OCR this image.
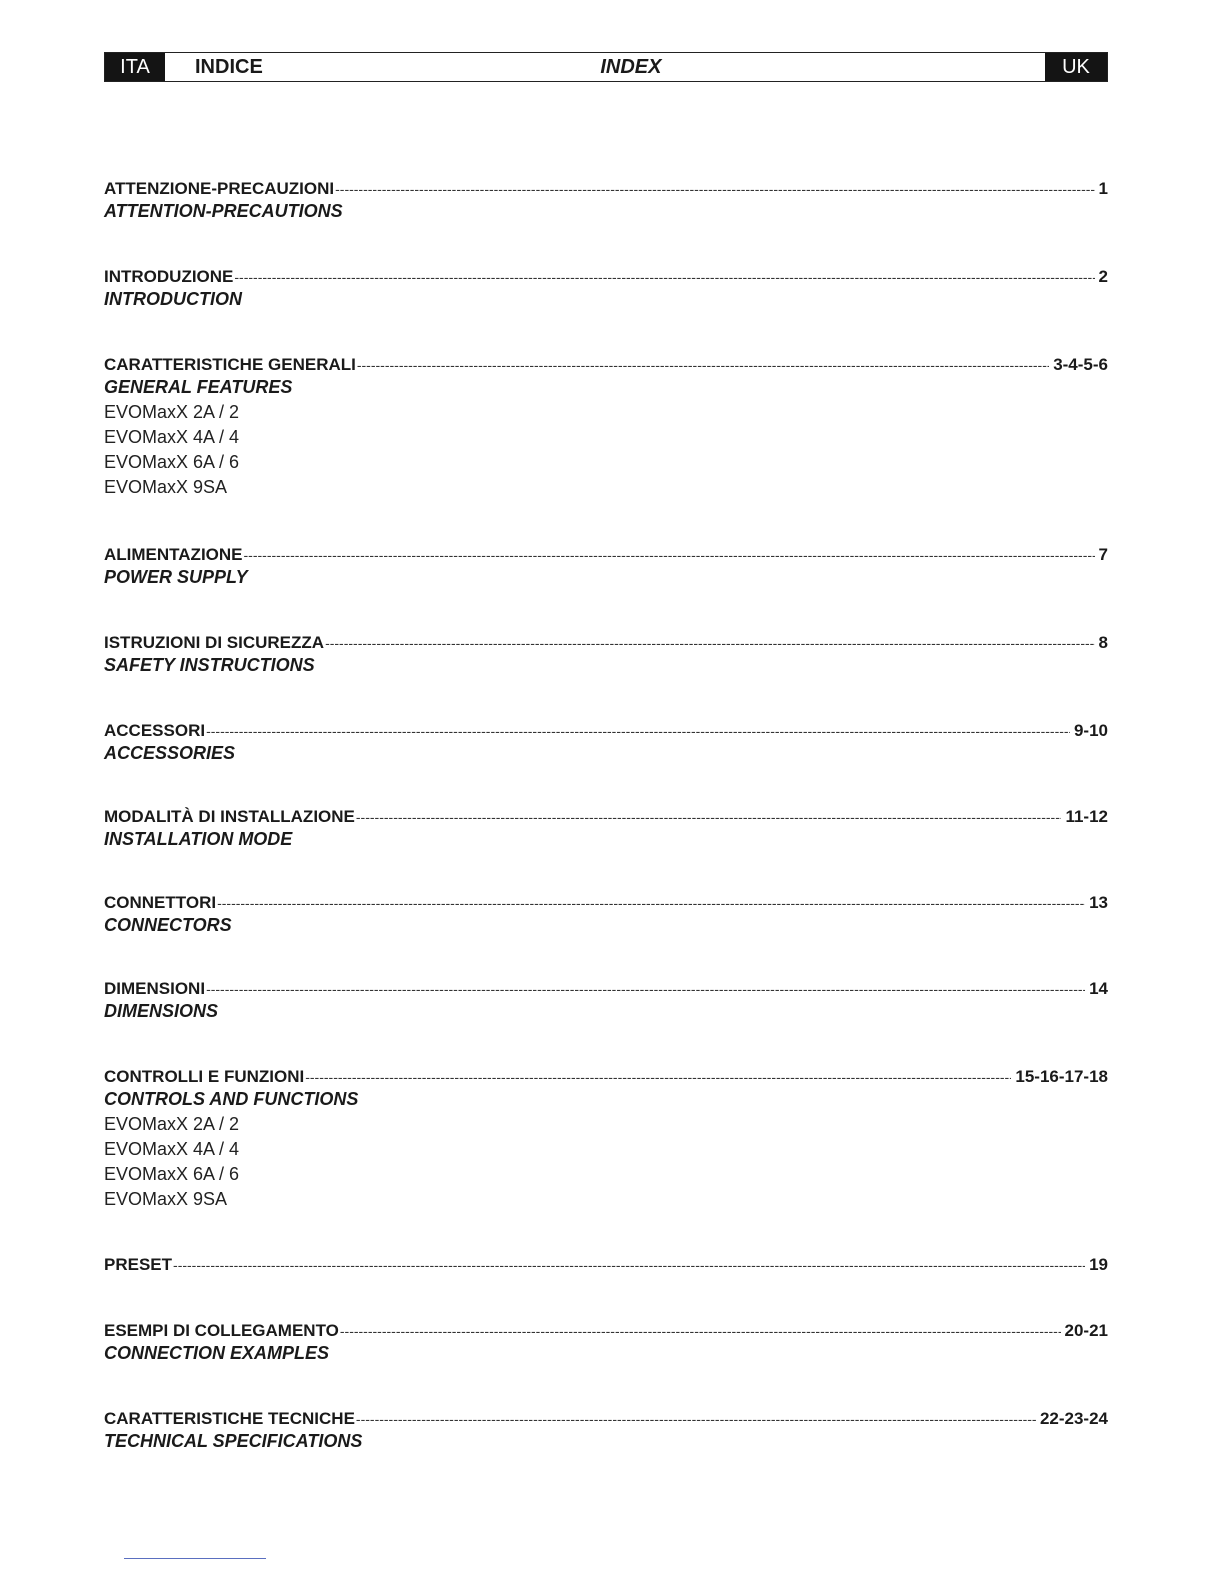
ITA	INDICE	INDEX	UK
ATTENZIONE-PRECAUZIONI -----	1
ATTENTION-PRECAUTIONS
INTRODUZIONE -----	2
INTRODUCTION
CARATTERISTICHE GENERALI -----	3-4-5-6
GENERAL FEATURES
EVOMaxX 2A / 2
EVOMaxX 4A / 4
EVOMaxX 6A / 6
EVOMaxX 9SA
ALIMENTAZIONE -----	7
POWER SUPPLY
ISTRUZIONI DI SICUREZZA -----	8
SAFETY INSTRUCTIONS
ACCESSORI -----	9-10
ACCESSORIES
MODALITÀ DI INSTALLAZIONE -----	11-12
INSTALLATION MODE
CONNETTORI -----	13
CONNECTORS
DIMENSIONI -----	14
DIMENSIONS
CONTROLLI E FUNZIONI -----	15-16-17-18
CONTROLS AND FUNCTIONS
EVOMaxX 2A / 2
EVOMaxX 4A / 4
EVOMaxX 6A / 6
EVOMaxX 9SA
PRESET -----	19
ESEMPI DI COLLEGAMENTO -----	20-21
CONNECTION EXAMPLES
CARATTERISTICHE TECNICHE -----	22-23-24
TECHNICAL SPECIFICATIONS
